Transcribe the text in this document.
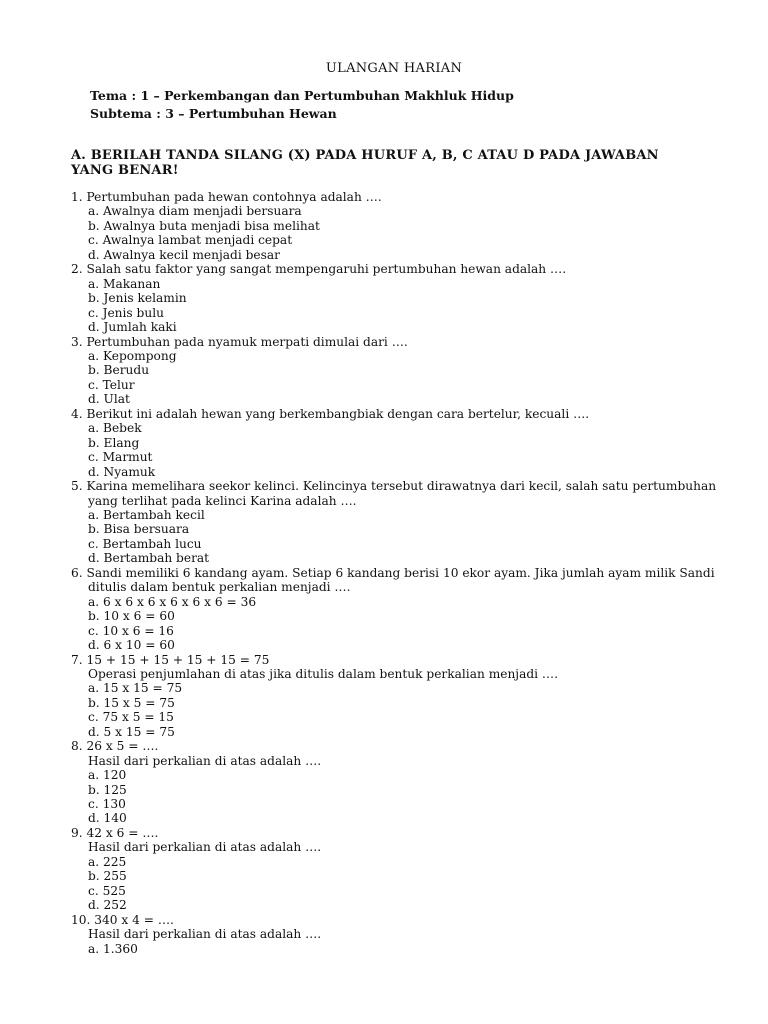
ULANGAN HARIAN
Tema : 1 – Perkembangan dan Pertumbuhan Makhluk Hidup
Subtema : 3 – Pertumbuhan Hewan
A. BERILAH TANDA SILANG (X) PADA HURUF A, B, C ATAU D PADA JAWABAN YANG BENAR!
1. Pertumbuhan pada hewan contohnya adalah ….
a. Awalnya diam menjadi bersuara
b. Awalnya buta menjadi bisa melihat
c. Awalnya lambat menjadi cepat
d. Awalnya kecil menjadi besar
2. Salah satu faktor yang sangat mempengaruhi pertumbuhan hewan adalah ….
a. Makanan
b. Jenis kelamin
c. Jenis bulu
d. Jumlah kaki
3. Pertumbuhan pada nyamuk merpati dimulai dari ….
a. Kepompong
b. Berudu
c. Telur
d. Ulat
4. Berikut ini adalah hewan yang berkembangbiak dengan cara bertelur, kecuali ….
a. Bebek
b. Elang
c. Marmut
d. Nyamuk
5. Karina memelihara seekor kelinci. Kelincinya tersebut dirawatnya dari kecil, salah satu pertumbuhan
yang terlihat pada kelinci Karina adalah ….
a. Bertambah kecil
b. Bisa bersuara
c. Bertambah lucu
d. Bertambah berat
6. Sandi memiliki 6 kandang ayam. Setiap 6 kandang berisi 10 ekor ayam. Jika jumlah ayam milik Sandi
ditulis dalam bentuk perkalian menjadi ….
a. 6 x 6 x 6 x 6 x 6 x 6 = 36
b. 10 x 6 = 60
c. 10 x 6 = 16
d. 6 x 10 = 60
7. 15 + 15 + 15 + 15 + 15 = 75
Operasi penjumlahan di atas jika ditulis dalam bentuk perkalian menjadi ….
a. 15 x 15 = 75
b. 15 x 5 = 75
c. 75 x 5 = 15
d. 5 x 15 = 75
8. 26 x 5 = ….
Hasil dari perkalian di atas adalah ….
a. 120
b. 125
c. 130
d. 140
9. 42 x 6 = ….
Hasil dari perkalian di atas adalah ….
a. 225
b. 255
c. 525
d. 252
10. 340 x 4 = ….
Hasil dari perkalian di atas adalah ….
a. 1.360
